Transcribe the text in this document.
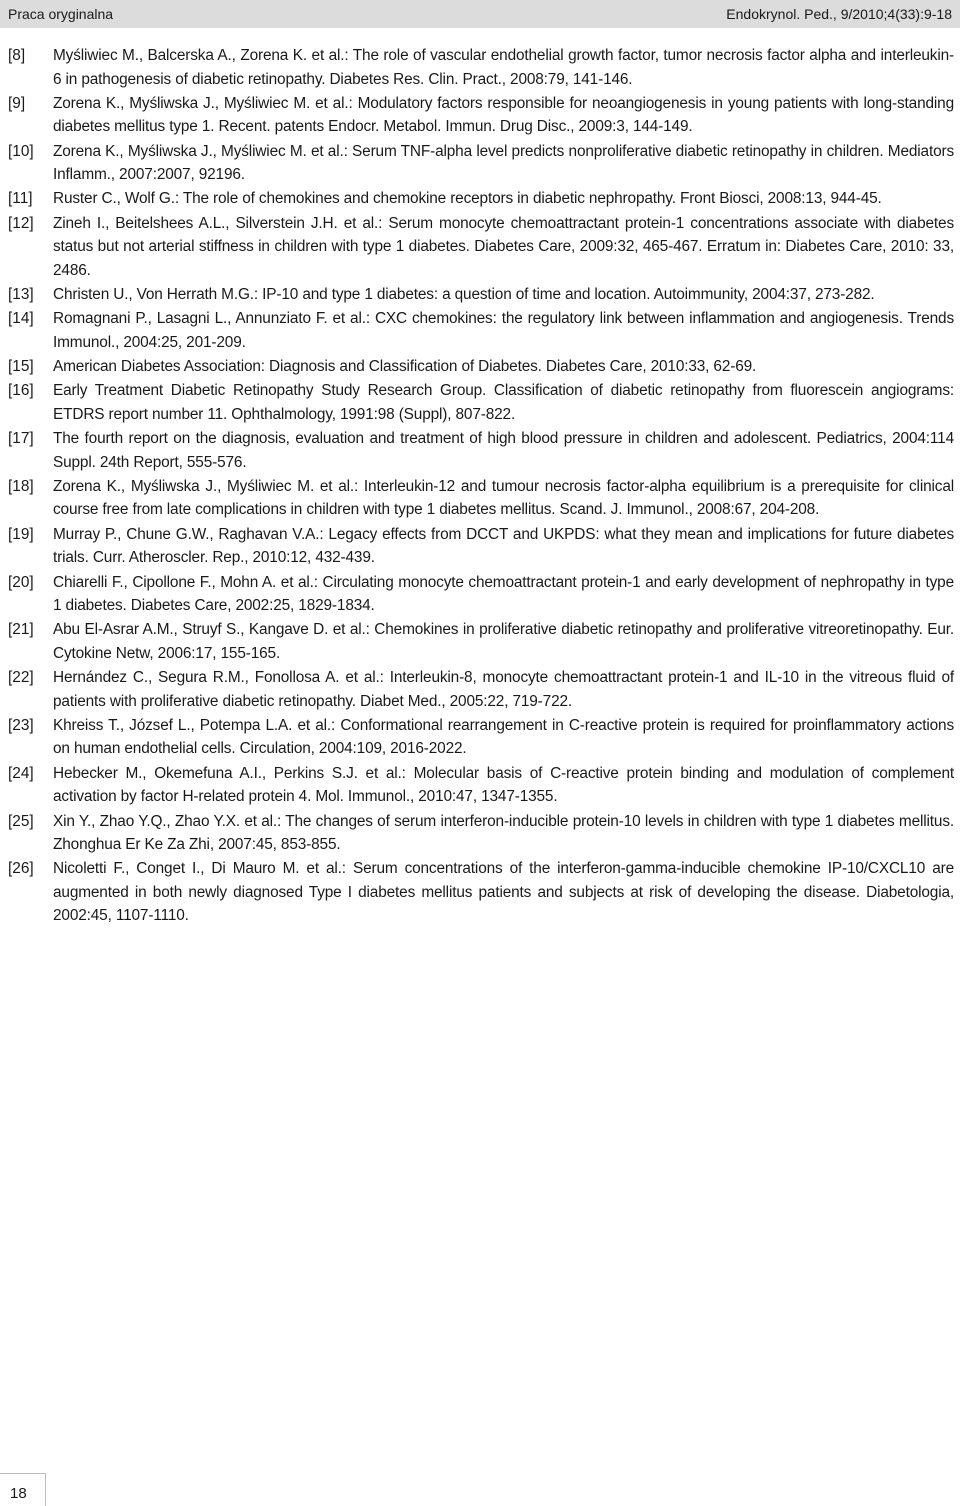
Praca oryginalna	Endokrynol. Ped., 9/2010;4(33):9-18
[8]	Myśliwiec M., Balcerska A., Zorena K. et al.: The role of vascular endothelial growth factor, tumor necrosis factor alpha and interleukin-6 in pathogenesis of diabetic retinopathy. Diabetes Res. Clin. Pract., 2008:79, 141-146.
[9]	Zorena K., Myśliwska J., Myśliwiec M. et al.: Modulatory factors responsible for neoangiogenesis in young patients with long-standing diabetes mellitus type 1. Recent. patents Endocr. Metabol. Immun. Drug Disc., 2009:3, 144-149.
[10]	Zorena K., Myśliwska J., Myśliwiec M. et al.: Serum TNF-alpha level predicts nonproliferative diabetic retinopathy in children. Mediators Inflamm., 2007:2007, 92196.
[11]	Ruster C., Wolf G.: The role of chemokines and chemokine receptors in diabetic nephropathy. Front Biosci, 2008:13, 944-45.
[12]	Zineh I., Beitelshees A.L., Silverstein J.H. et al.: Serum monocyte chemoattractant protein-1 concentrations associate with diabetes status but not arterial stiffness in children with type 1 diabetes. Diabetes Care, 2009:32, 465-467. Erratum in: Diabetes Care, 2010: 33, 2486.
[13]	Christen U., Von Herrath M.G.: IP-10 and type 1 diabetes: a question of time and location. Autoimmunity, 2004:37, 273-282.
[14]	Romagnani P., Lasagni L., Annunziato F. et al.: CXC chemokines: the regulatory link between inflammation and angiogenesis. Trends Immunol., 2004:25, 201-209.
[15]	American Diabetes Association: Diagnosis and Classification of Diabetes. Diabetes Care, 2010:33, 62-69.
[16]	Early Treatment Diabetic Retinopathy Study Research Group. Classification of diabetic retinopathy from fluorescein angiograms: ETDRS report number 11. Ophthalmology, 1991:98 (Suppl), 807-822.
[17]	The fourth report on the diagnosis, evaluation and treatment of high blood pressure in children and adolescent. Pediatrics, 2004:114 Suppl. 24th Report, 555-576.
[18]	Zorena K., Myśliwska J., Myśliwiec M. et al.: Interleukin-12 and tumour necrosis factor-alpha equilibrium is a prerequisite for clinical course free from late complications in children with type 1 diabetes mellitus. Scand. J. Immunol., 2008:67, 204-208.
[19]	Murray P., Chune G.W., Raghavan V.A.: Legacy effects from DCCT and UKPDS: what they mean and implications for future diabetes trials. Curr. Atheroscler. Rep., 2010:12, 432-439.
[20]	Chiarelli F., Cipollone F., Mohn A. et al.: Circulating monocyte chemoattractant protein-1 and early development of nephropathy in type 1 diabetes. Diabetes Care, 2002:25, 1829-1834.
[21]	Abu El-Asrar A.M., Struyf S., Kangave D. et al.: Chemokines in proliferative diabetic retinopathy and proliferative vitreoretinopathy. Eur. Cytokine Netw, 2006:17, 155-165.
[22]	Hernández C., Segura R.M., Fonollosa A. et al.: Interleukin-8, monocyte chemoattractant protein-1 and IL-10 in the vitreous fluid of patients with proliferative diabetic retinopathy. Diabet Med., 2005:22, 719-722.
[23]	Khreiss T., József L., Potempa L.A. et al.: Conformational rearrangement in C-reactive protein is required for proinflammatory actions on human endothelial cells. Circulation, 2004:109, 2016-2022.
[24]	Hebecker M., Okemefuna A.I., Perkins S.J. et al.: Molecular basis of C-reactive protein binding and modulation of complement activation by factor H-related protein 4. Mol. Immunol., 2010:47, 1347-1355.
[25]	Xin Y., Zhao Y.Q., Zhao Y.X. et al.: The changes of serum interferon-inducible protein-10 levels in children with type 1 diabetes mellitus. Zhonghua Er Ke Za Zhi, 2007:45, 853-855.
[26]	Nicoletti F., Conget I., Di Mauro M. et al.: Serum concentrations of the interferon-gamma-inducible chemokine IP-10/CXCL10 are augmented in both newly diagnosed Type I diabetes mellitus patients and subjects at risk of developing the disease. Diabetologia, 2002:45, 1107-1110.
18
